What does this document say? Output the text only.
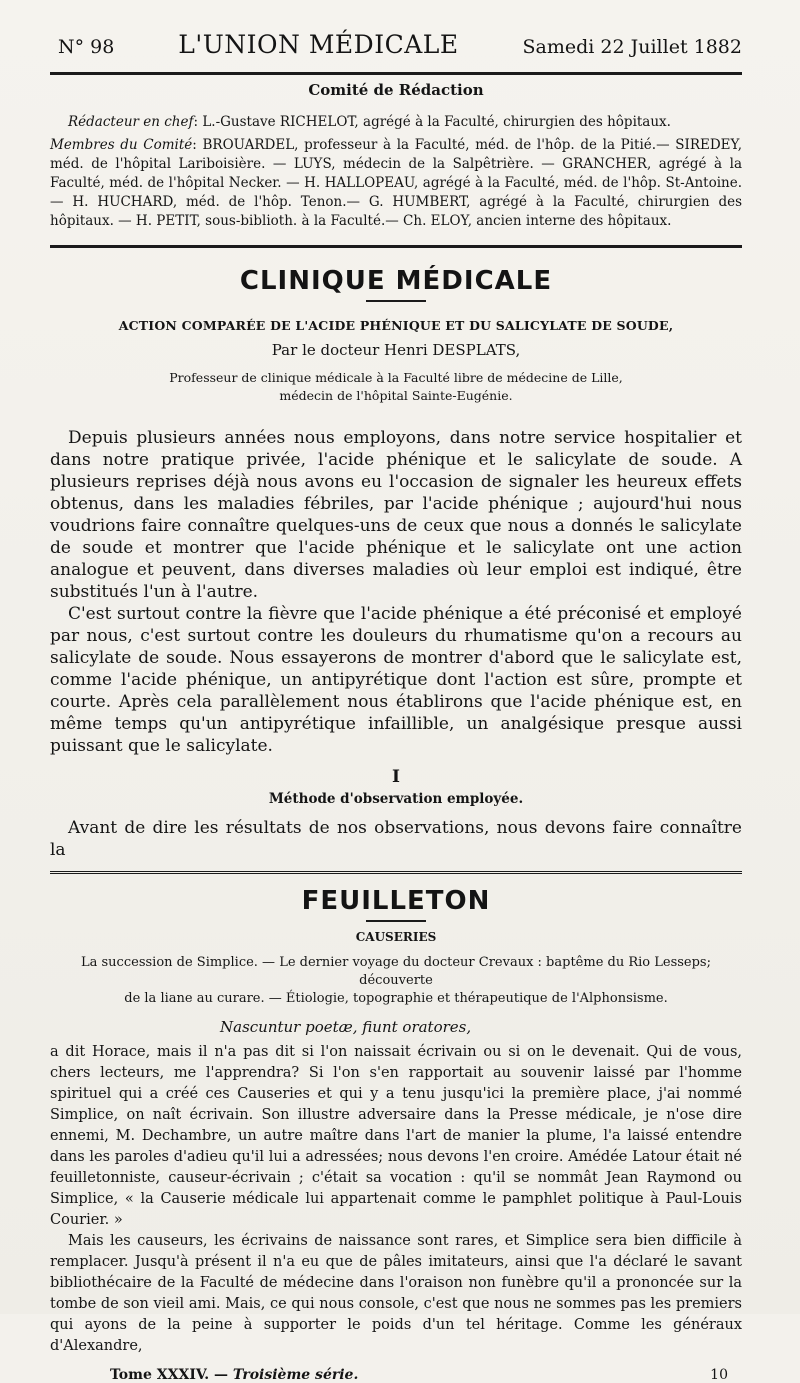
N° 98	L'UNION MÉDICALE	Samedi 22 Juillet 1882
Comité de Rédaction

Rédacteur en chef: L.-Gustave RICHELOT, agrégé à la Faculté, chirurgien des hôpitaux.

Membres du Comité: BROUARDEL, professeur à la Faculté, méd. de l'hôp. de la Pitié.— SIREDEY, méd. de l'hôpital Lariboisière. — LUYS, médecin de la Salpêtrière. — GRANCHER, agrégé à la Faculté, méd. de l'hôpital Necker. — H. HALLOPEAU, agrégé à la Faculté, méd. de l'hôp. St-Antoine. — H. HUCHARD, méd. de l'hôp. Tenon.— G. HUMBERT, agrégé à la Faculté, chirurgien des hôpitaux. — H. PETIT, sous-biblioth. à la Faculté.— Ch. ELOY, ancien interne des hôpitaux.

CLINIQUE MÉDICALE
ACTION COMPARÉE DE L'ACIDE PHÉNIQUE ET DU SALICYLATE DE SOUDE,
Par le docteur Henri DESPLATS,
Professeur de clinique médicale à la Faculté libre de médecine de Lille,
médecin de l'hôpital Sainte-Eugénie.

Depuis plusieurs années nous employons, dans notre service hospitalier et dans notre pratique privée, l'acide phénique et le salicylate de soude. A plusieurs reprises déjà nous avons eu l'occasion de signaler les heureux effets obtenus, dans les maladies fébriles, par l'acide phénique ; aujourd'hui nous voudrions faire connaître quelques-uns de ceux que nous a donnés le salicylate de soude et montrer que l'acide phénique et le salicylate ont une action analogue et peuvent, dans diverses maladies où leur emploi est indiqué, être substitués l'un à l'autre.

C'est surtout contre la fièvre que l'acide phénique a été préconisé et employé par nous, c'est surtout contre les douleurs du rhumatisme qu'on a recours au salicylate de soude. Nous essayerons de montrer d'abord que le salicylate est, comme l'acide phénique, un antipyrétique dont l'action est sûre, prompte et courte. Après cela parallèlement nous établirons que l'acide phénique est, en même temps qu'un antipyrétique infaillible, un analgésique presque aussi puissant que le salicylate.

I
Méthode d'observation employée.

Avant de dire les résultats de nos observations, nous devons faire connaître la

FEUILLETON
CAUSERIES
La succession de Simplice. — Le dernier voyage du docteur Crevaux : baptême du Rio Lesseps; découverte
de la liane au curare. — Étiologie, topographie et thérapeutique de l'Alphonsisme.
Nascuntur poetæ, fiunt oratores,

a dit Horace, mais il n'a pas dit si l'on naissait écrivain ou si on le devenait. Qui de vous, chers lecteurs, me l'apprendra? Si l'on s'en rapportait au souvenir laissé par l'homme spirituel qui a créé ces Causeries et qui y a tenu jusqu'ici la première place, j'ai nommé Simplice, on naît écrivain. Son illustre adversaire dans la Presse médicale, je n'ose dire ennemi, M. Dechambre, un autre maître dans l'art de manier la plume, l'a laissé entendre dans les paroles d'adieu qu'il lui a adressées; nous devons l'en croire. Amédée Latour était né feuilletonniste, causeur-écrivain ; c'était sa vocation : qu'il se nommât Jean Raymond ou Simplice, « la Causerie médicale lui appartenait comme le pamphlet politique à Paul-Louis Courier. »

Mais les causeurs, les écrivains de naissance sont rares, et Simplice sera bien difficile à remplacer. Jusqu'à présent il n'a eu que de pâles imitateurs, ainsi que l'a déclaré le savant bibliothécaire de la Faculté de médecine dans l'oraison non funèbre qu'il a prononcée sur la tombe de son vieil ami. Mais, ce qui nous console, c'est que nous ne sommes pas les premiers qui ayons de la peine à supporter le poids d'un tel héritage. Comme les généraux d'Alexandre,

Tome XXXIV. — Troisième série.	10
